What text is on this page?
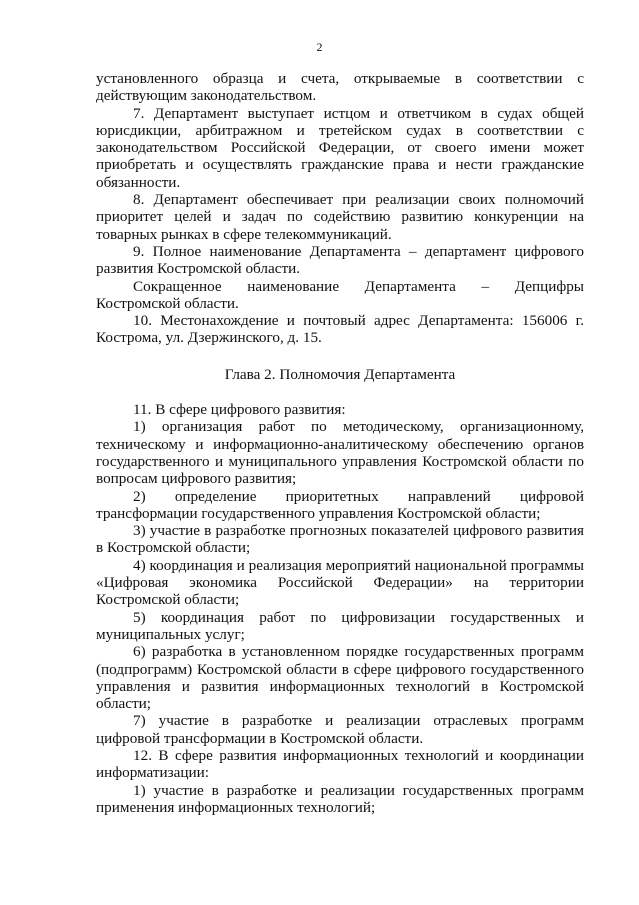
2

установленного образца и счета, открываемые в соответствии с действующим законодательством.

7. Департамент выступает истцом и ответчиком в судах общей юрисдикции, арбитражном и третейском судах в соответствии с законодательством Российской Федерации, от своего имени может приобретать и осуществлять гражданские права и нести гражданские обязанности.

8. Департамент обеспечивает при реализации своих полномочий приоритет целей и задач по содействию развитию конкуренции на товарных рынках в сфере телекоммуникаций.

9. Полное наименование Департамента – департамент цифрового развития Костромской области.

Сокращенное наименование Департамента – Депцифры Костромской области.

10. Местонахождение и почтовый адрес Департамента: 156006 г. Кострома, ул. Дзержинского, д. 15.

Глава 2. Полномочия Департамента

11. В сфере цифрового развития:

1) организация работ по методическому, организационному, техническому и информационно-аналитическому обеспечению органов государственного и муниципального управления Костромской области по вопросам цифрового развития;

2) определение приоритетных направлений цифровой трансформации государственного управления Костромской области;

3) участие в разработке прогнозных показателей цифрового развития в Костромской области;

4) координация и реализация мероприятий национальной программы «Цифровая экономика Российской Федерации» на территории Костромской области;

5) координация работ по цифровизации государственных и муниципальных услуг;

6) разработка в установленном порядке государственных программ (подпрограмм) Костромской области в сфере цифрового государственного управления и развития информационных технологий в Костромской области;

7) участие в разработке и реализации отраслевых программ цифровой трансформации в Костромской области.

12. В сфере развития информационных технологий и координации информатизации:

1) участие в разработке и реализации государственных программ применения информационных технологий;
